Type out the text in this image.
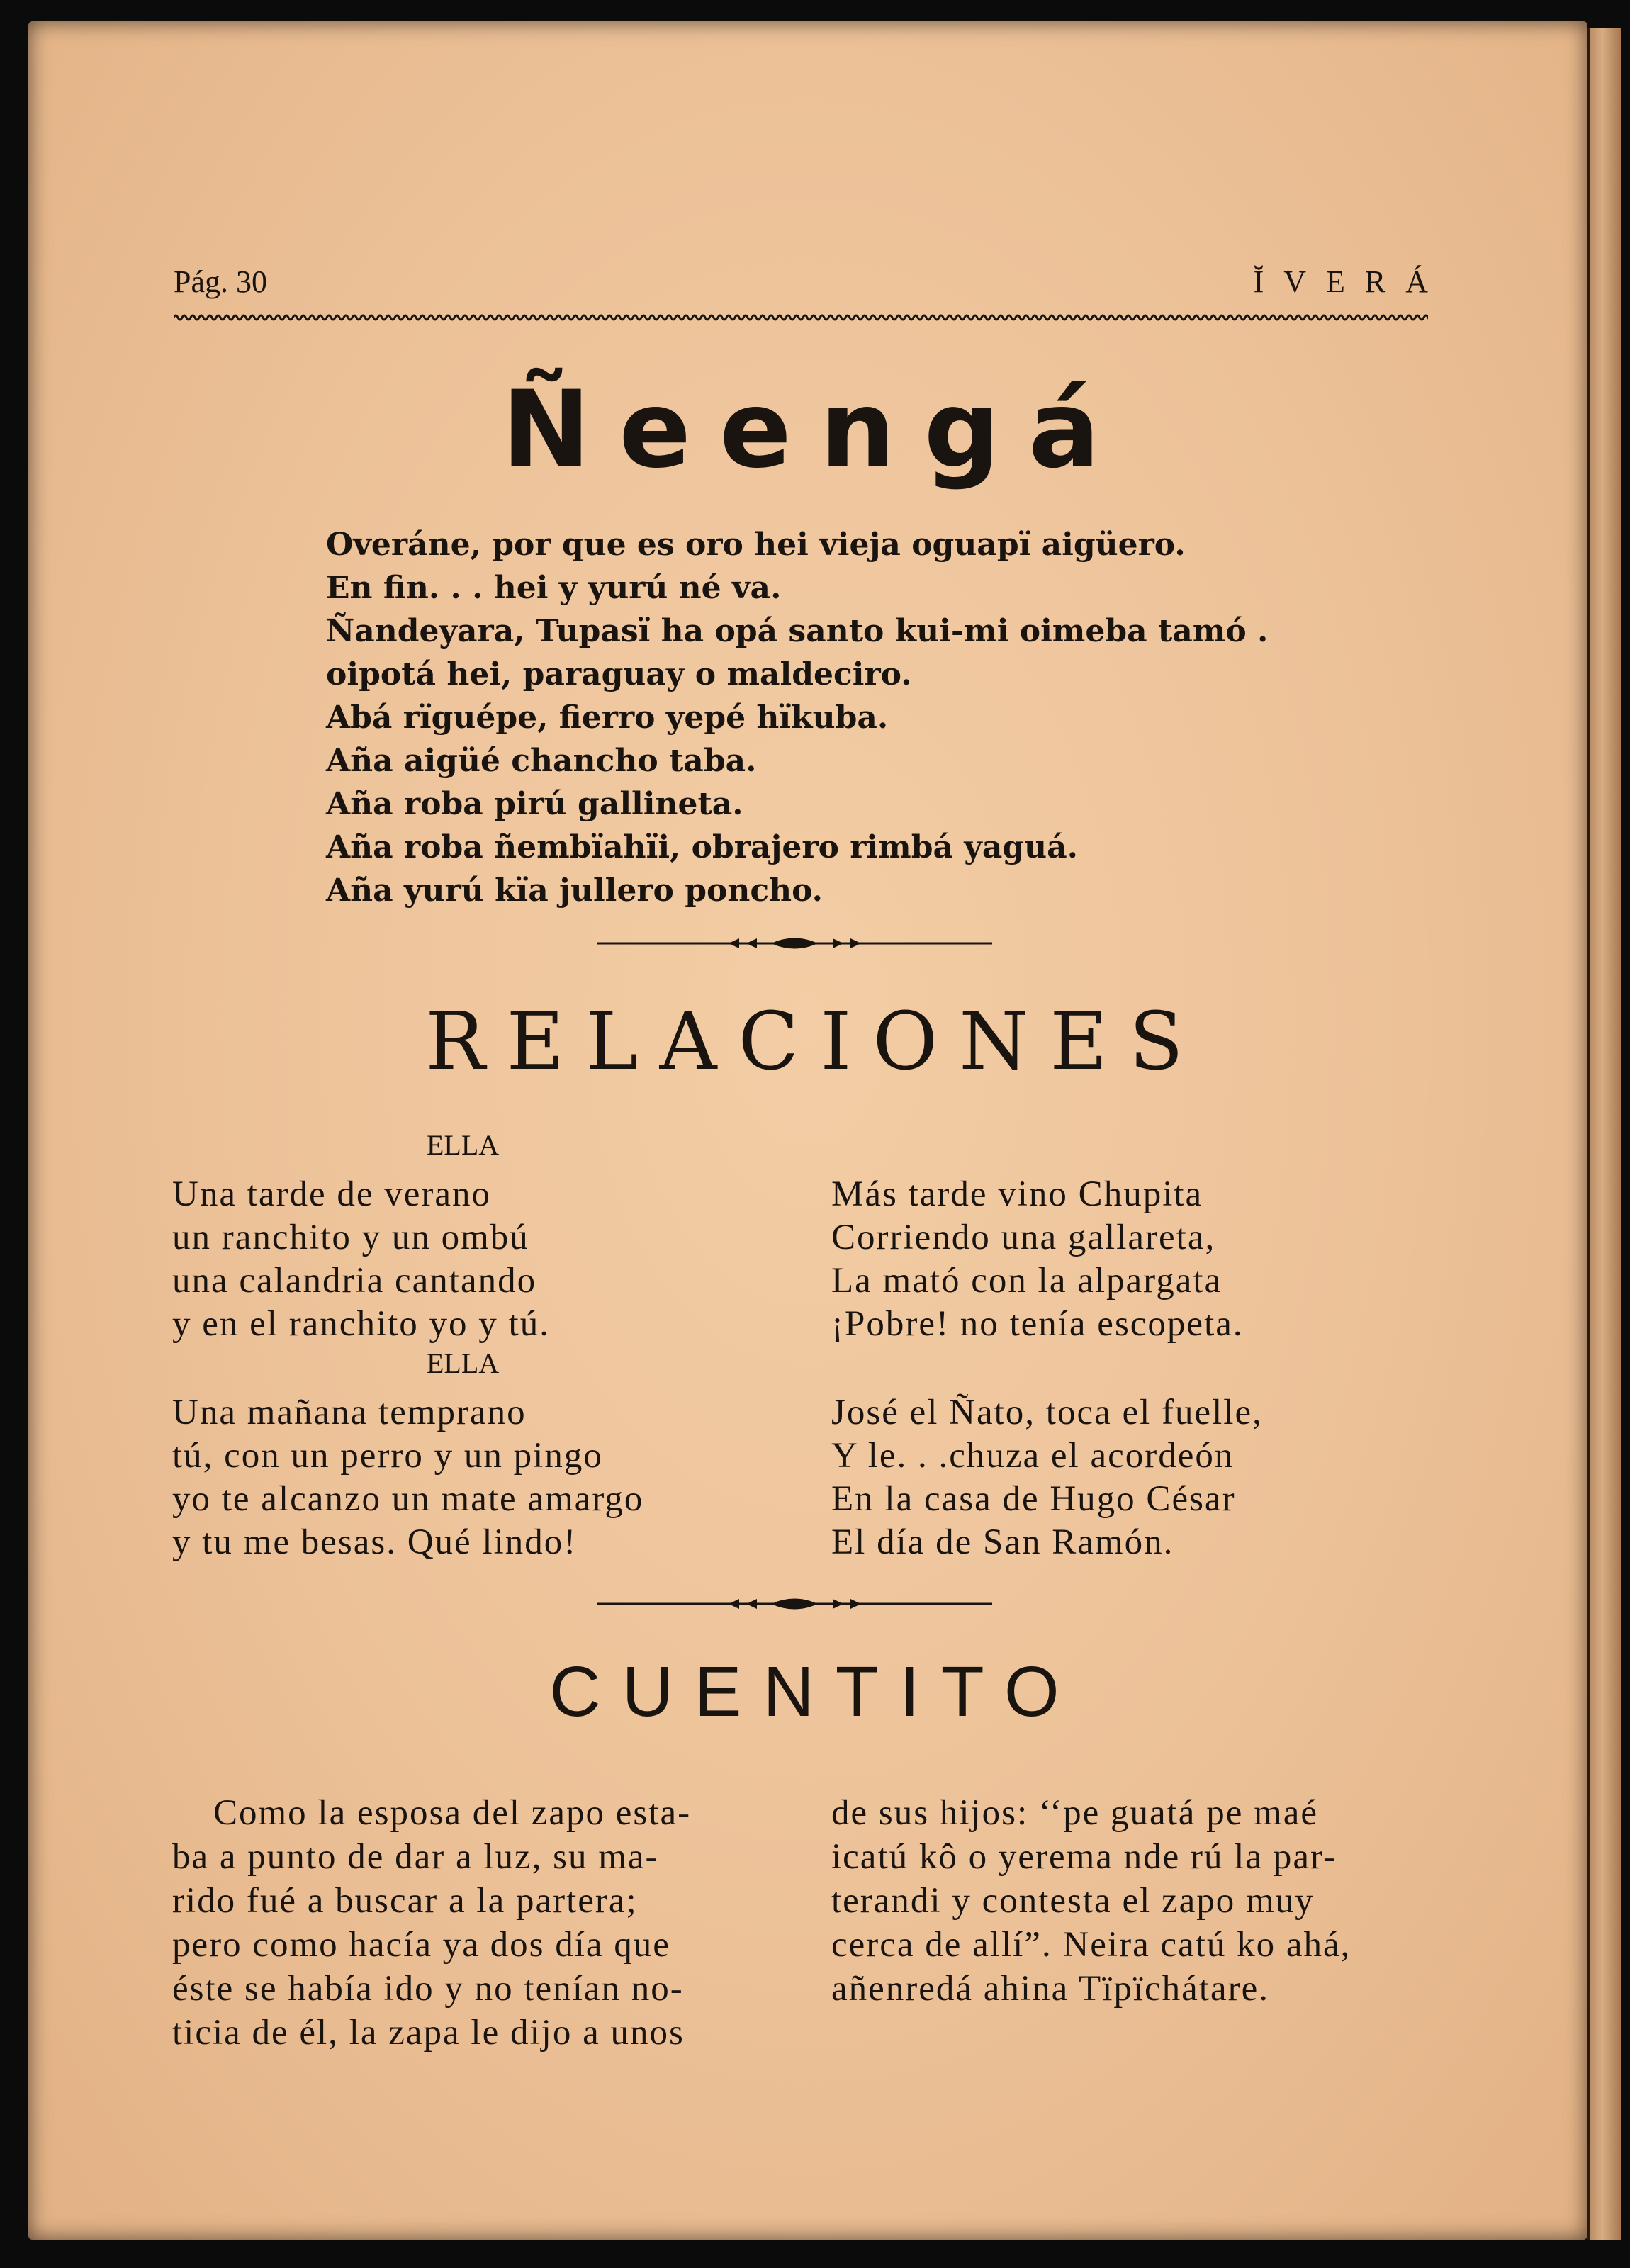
Pág. 30	ĬVERÁ
Ñeengá
Overáne, por que es oro hei vieja oguapï aigüero.
En fin. . . hei y yurú né va.
Ñandeyara, Tupasï ha opá santo kui-mi oimeba tamó .
oipotá hei, paraguay o maldeciro.
Abá rïguépe, fierro yepé hïkuba.
Aña aigüé chancho taba.
Aña roba pirú gallineta.
Aña roba ñembïahïi, obrajero rimbá yaguá.
Aña yurú kïa jullero poncho.
RELACIONES
ELLA
Una tarde de verano
un ranchito y un ombú
una calandria cantando
y en el ranchito yo y tú.
ELLA
Una mañana temprano
tú, con un perro y un pingo
yo te alcanzo un mate amargo
y tu me besas. Qué lindo!
Más tarde vino Chupita
Corriendo una gallareta,
La mató con la alpargata
¡Pobre! no tenía escopeta.
José el Ñato, toca el fuelle,
Y le. . .chuza el acordeón
En la casa de Hugo César
El día de San Ramón.
CUENTITO
Como la esposa del zapo esta-
ba a punto de dar a luz, su ma-
rido fué a buscar a la partera;
pero como hacía ya dos día que
éste se había ido y no tenían no-
ticia de él, la zapa le dijo a unos
de sus hijos: ‘‘pe guatá pe maé
icatú kô o yerema nde rú la par-
terandi y contesta el zapo muy
cerca de allí”. Neira catú ko ahá,
añenredá ahina Tïpïchátare.
